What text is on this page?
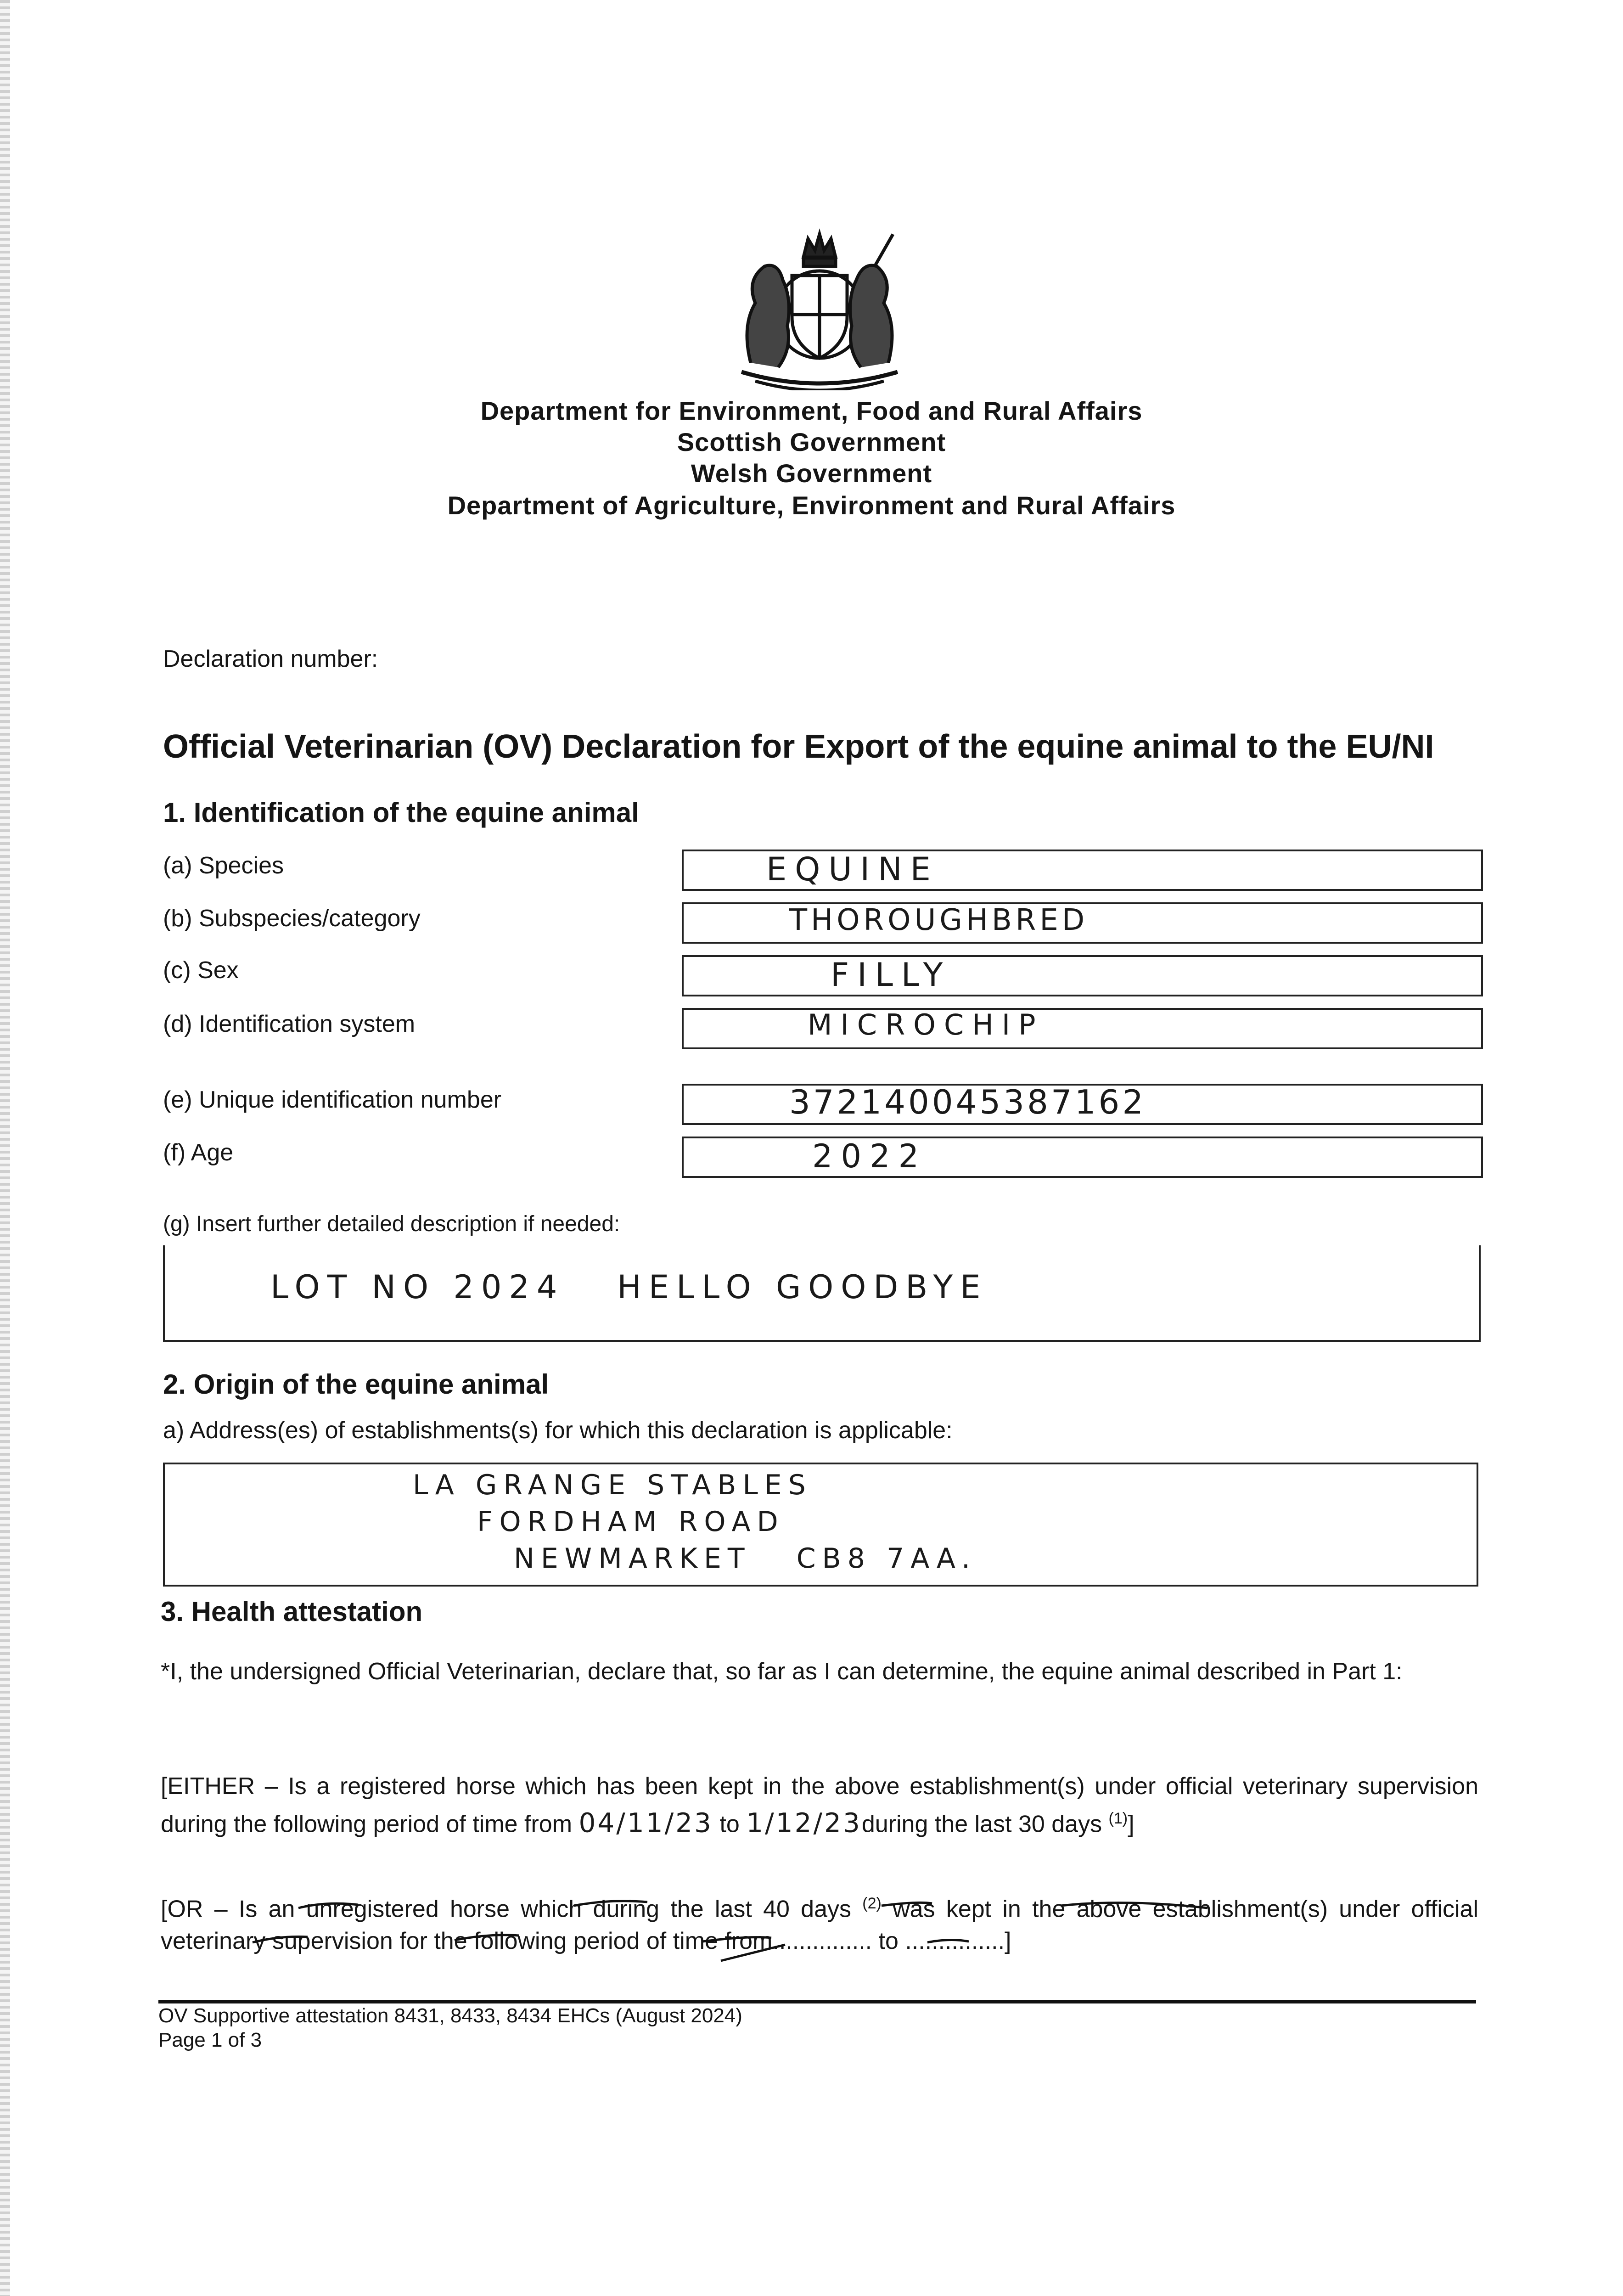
Department for Environment, Food and Rural Affairs
Scottish Government
Welsh Government
Department of Agriculture, Environment and Rural Affairs
Declaration number:
Official Veterinarian (OV) Declaration for Export of the equine animal to the EU/NI
1. Identification of the equine animal
(a) Species	EQUINE
(b) Subspecies/category	THOROUGHBRED
(c) Sex	FILLY
(d) Identification system	MICROCHIP
(e) Unique identification number	372140045387162
(f) Age	2022
(g) Insert further detailed description if needed:
LOT NO 2024   HELLO GOODBYE
2. Origin of the equine animal
a) Address(es) of establishments(s) for which this declaration is applicable:
LA GRANGE STABLES
FORDHAM ROAD
NEWMARKET   CB8 7AA.
3. Health attestation
*I, the undersigned Official Veterinarian, declare that, so far as I can determine, the equine animal described in Part 1:
[EITHER – Is a registered horse which has been kept in the above establishment(s) under official veterinary supervision during the following period of time from 04/11/23 to 1/12/23during the last 30 days $^{(1)}$]
[OR – Is an unregistered horse which during the last 40 days $^{(2)}$ was kept in the above establishment(s) under official veterinary supervision for the following period of time from............... to ...............]
OV Supportive attestation 8431, 8433, 8434 EHCs (August 2024)
Page 1 of 3
